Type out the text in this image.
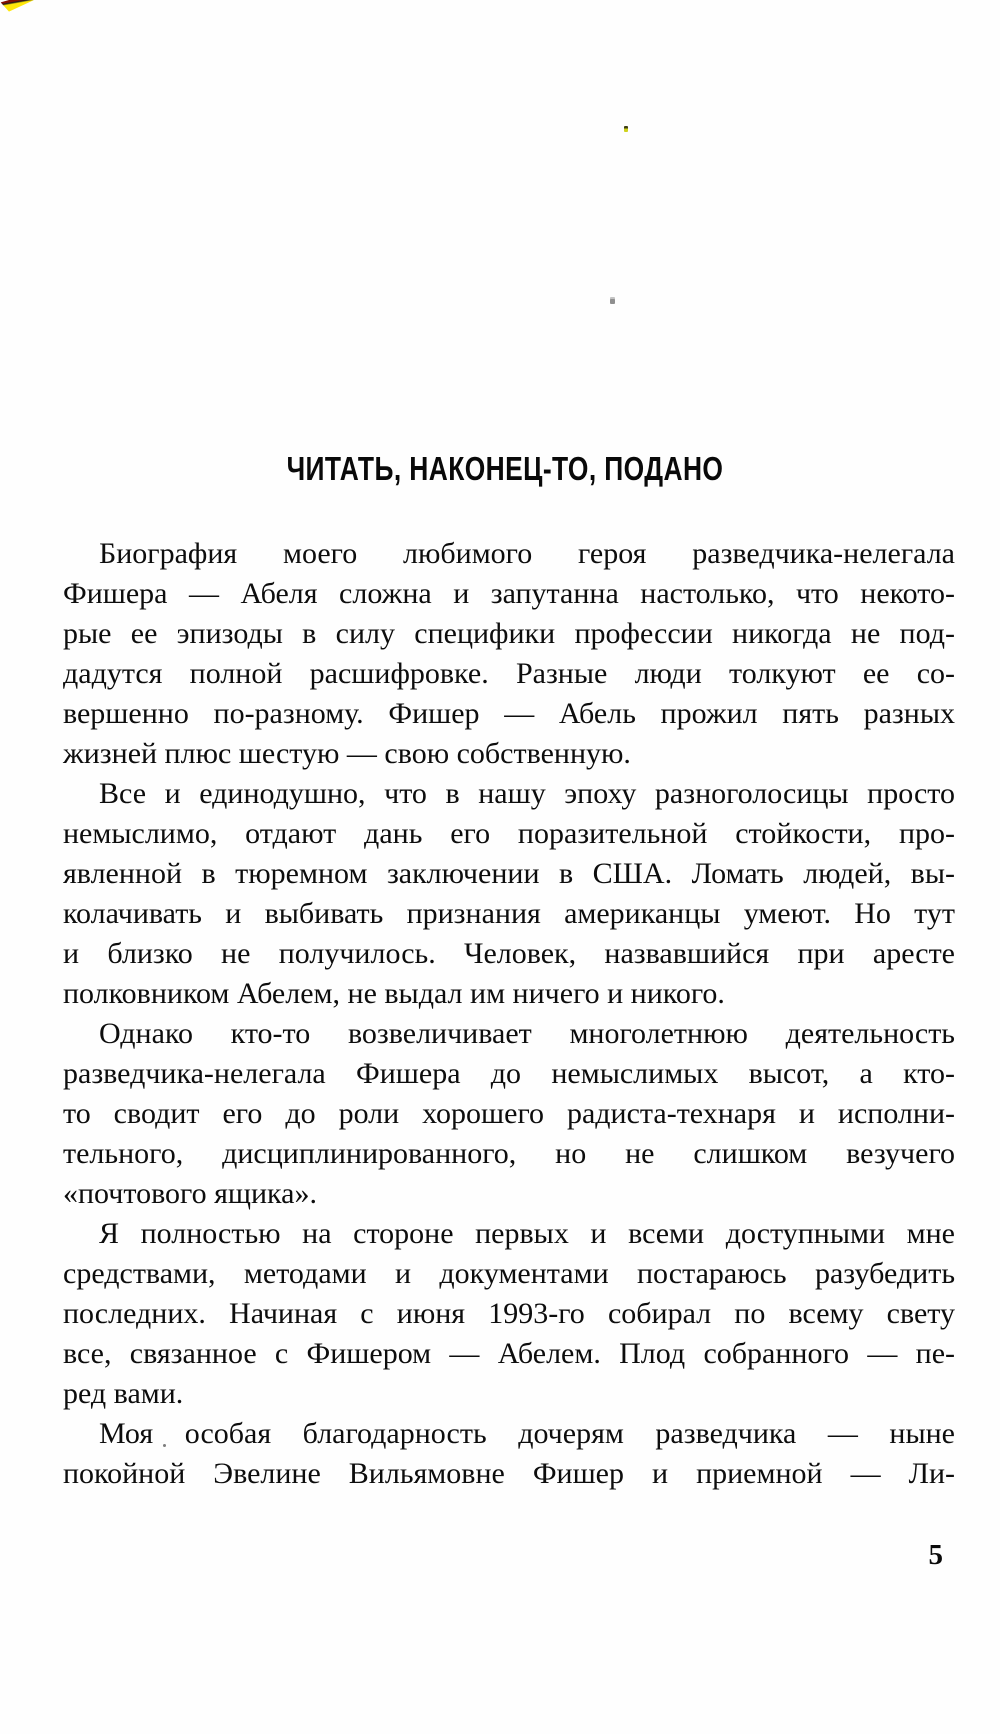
ЧИТАТЬ, НАКОНЕЦ-ТО, ПОДАНО
Биография моего любимого героя разведчика-нелегала
Фишера — Абеля сложна и запутанна настолько, что некото-
рые ее эпизоды в силу специфики профессии никогда не под-
дадутся полной расшифровке. Разные люди толкуют ее со-
вершенно по-разному. Фишер — Абель прожил пять разных
жизней плюс шестую — свою собственную.
Все и единодушно, что в нашу эпоху разноголосицы просто
немыслимо, отдают дань его поразительной стойкости, про-
явленной в тюремном заключении в США. Ломать людей, вы-
колачивать и выбивать признания американцы умеют. Но тут
и близко не получилось. Человек, назвавшийся при аресте
полковником Абелем, не выдал им ничего и никого.
Однако кто-то возвеличивает многолетнюю деятельность
разведчика-нелегала Фишера до немыслимых высот, а кто-
то сводит его до роли хорошего радиста-технаря и исполни-
тельного, дисциплинированного, но не слишком везучего
«почтового ящика».
Я полностью на стороне первых и всеми доступными мне
средствами, методами и документами постараюсь разубедить
последних. Начиная с июня 1993-го собирал по всему свету
все, связанное с Фишером — Абелем. Плод собранного — пе-
ред вами.
Моя особая благодарность дочерям разведчика — ныне
покойной Эвелине Вильямовне Фишер и приемной — Ли-
5
